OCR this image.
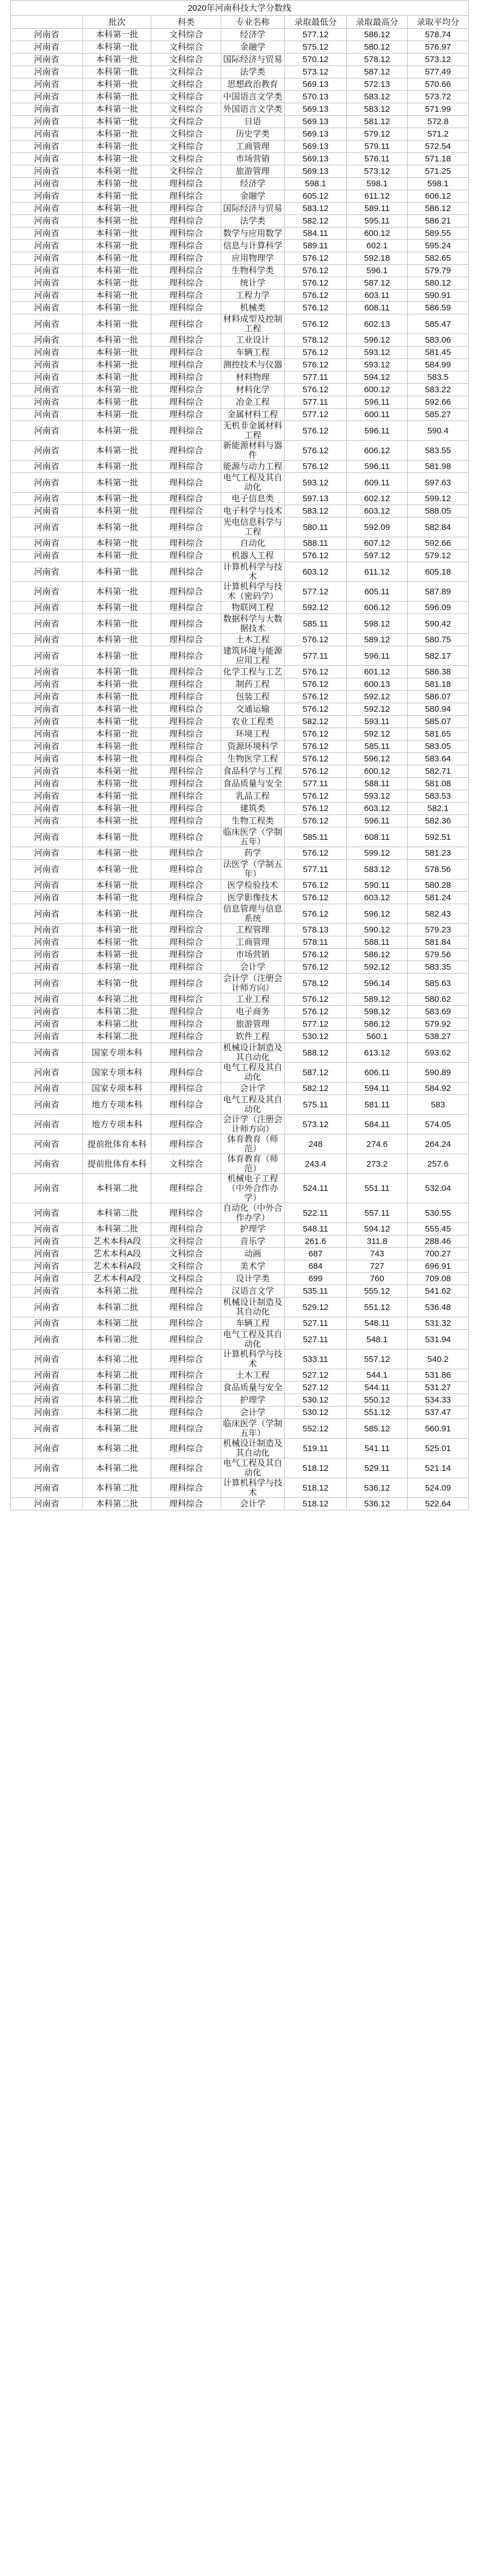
2020年河南科技大学分数线						
	批次	科类	专业名称	录取最低分	录取最高分	录取平均分
河南省	本科第一批	文科综合	经济学	577.12	586.12	578.74
河南省	本科第一批	文科综合	金融学	575.12	580.12	576.97
河南省	本科第一批	文科综合	国际经济与贸易	570.12	578.12	573.12
河南省	本科第一批	文科综合	法学类	573.12	587.12	577.49
河南省	本科第一批	文科综合	思想政治教育	569.13	572.13	570.66
河南省	本科第一批	文科综合	中国语言文学类	570.13	583.12	573.72
河南省	本科第一批	文科综合	外国语言文学类	569.13	583.12	571.99
河南省	本科第一批	文科综合	日语	569.13	581.12	572.8
河南省	本科第一批	文科综合	历史学类	569.13	579.12	571.2
河南省	本科第一批	文科综合	工商管理	569.13	579.11	572.54
河南省	本科第一批	文科综合	市场营销	569.13	576.11	571.18
河南省	本科第一批	文科综合	旅游管理	569.13	573.12	571.25
河南省	本科第一批	理科综合	经济学	598.1	598.1	598.1
河南省	本科第一批	理科综合	金融学	605.12	611.12	606.12
河南省	本科第一批	理科综合	国际经济与贸易	583.12	589.11	586.12
河南省	本科第一批	理科综合	法学类	582.12	595.11	586.21
河南省	本科第一批	理科综合	数学与应用数学	584.11	600.12	589.55
河南省	本科第一批	理科综合	信息与计算科学	589.11	602.1	595.24
河南省	本科第一批	理科综合	应用物理学	576.12	592.18	582.65
河南省	本科第一批	理科综合	生物科学类	576.12	596.1	579.79
河南省	本科第一批	理科综合	统计学	576.12	587.12	580.12
河南省	本科第一批	理科综合	工程力学	576.12	603.11	590.91
河南省	本科第一批	理科综合	机械类	576.12	608.11	586.59
河南省	本科第一批	理科综合	材料成型及控制工程	576.12	602.13	585.47
河南省	本科第一批	理科综合	工业设计	578.12	596.12	583.06
河南省	本科第一批	理科综合	车辆工程	576.12	593.12	581.45
河南省	本科第一批	理科综合	测控技术与仪器	576.12	593.12	584.99
河南省	本科第一批	理科综合	材料物理	577.11	594.12	583.5
河南省	本科第一批	理科综合	材料化学	576.12	600.12	583.22
河南省	本科第一批	理科综合	冶金工程	577.11	596.11	592.66
河南省	本科第一批	理科综合	金属材料工程	577.12	600.11	585.27
河南省	本科第一批	理科综合	无机非金属材料工程	576.12	596.11	590.4
河南省	本科第一批	理科综合	新能源材料与器件	576.12	606.12	583.55
河南省	本科第一批	理科综合	能源与动力工程	576.12	596.11	581.98
河南省	本科第一批	理科综合	电气工程及其自动化	593.12	609.11	597.63
河南省	本科第一批	理科综合	电子信息类	597.13	602.12	599.12
河南省	本科第一批	理科综合	电子科学与技术	583.12	603.12	588.05
河南省	本科第一批	理科综合	光电信息科学与工程	580.11	592.09	582.84
河南省	本科第一批	理科综合	自动化	588.11	607.12	592.66
河南省	本科第一批	理科综合	机器人工程	576.12	597.12	579.12
河南省	本科第一批	理科综合	计算机科学与技术	603.12	611.12	605.18
河南省	本科第一批	理科综合	计算机科学与技术（密码学）	577.12	605.11	587.89
河南省	本科第一批	理科综合	物联网工程	592.12	606.12	596.09
河南省	本科第一批	理科综合	数据科学与大数据技术	585.11	598.12	590.42
河南省	本科第一批	理科综合	土木工程	576.12	589.12	580.75
河南省	本科第一批	理科综合	建筑环境与能源应用工程	577.11	596.11	582.17
河南省	本科第一批	理科综合	化学工程与工艺	576.12	601.12	586.38
河南省	本科第一批	理科综合	制药工程	576.12	600.13	581.18
河南省	本科第一批	理科综合	包装工程	576.12	592.12	586.07
河南省	本科第一批	理科综合	交通运输	576.12	592.12	580.94
河南省	本科第一批	理科综合	农业工程类	582.12	593.11	585.07
河南省	本科第一批	理科综合	环境工程	576.12	592.12	581.65
河南省	本科第一批	理科综合	资源环境科学	576.12	585.11	583.05
河南省	本科第一批	理科综合	生物医学工程	576.12	596.12	583.64
河南省	本科第一批	理科综合	食品科学与工程	576.12	600.12	582.71
河南省	本科第一批	理科综合	食品质量与安全	577.11	588.11	581.08
河南省	本科第一批	理科综合	乳品工程	576.12	593.12	583.53
河南省	本科第一批	理科综合	建筑类	576.12	603.12	582.1
河南省	本科第一批	理科综合	生物工程类	576.12	596.11	582.36
河南省	本科第一批	理科综合	临床医学（学制五年）	585.11	608.11	592.51
河南省	本科第一批	理科综合	药学	576.12	599.12	581.23
河南省	本科第一批	理科综合	法医学（学制五年）	577.11	583.12	578.56
河南省	本科第一批	理科综合	医学检验技术	576.12	590.11	580.28
河南省	本科第一批	理科综合	医学影像技术	576.12	603.12	581.24
河南省	本科第一批	理科综合	信息管理与信息系统	576.12	596.12	582.43
河南省	本科第一批	理科综合	工程管理	578.13	590.12	579.23
河南省	本科第一批	理科综合	工商管理	578.11	588.11	581.84
河南省	本科第一批	理科综合	市场营销	576.12	586.12	579.56
河南省	本科第一批	理科综合	会计学	576.12	592.12	583.35
河南省	本科第一批	理科综合	会计学（注册会计师方向）	578.12	596.14	585.63
河南省	本科第二批	理科综合	工业工程	576.12	589.12	580.62
河南省	本科第二批	理科综合	电子商务	576.12	598.12	583.69
河南省	本科第二批	理科综合	旅游管理	577.12	586.12	579.92
河南省	本科第二批	理科综合	软件工程	530.12	560.1	538.27
河南省	国家专项本科	理科综合	机械设计制造及其自动化	588.12	613.12	593.62
河南省	国家专项本科	理科综合	电气工程及其自动化	587.12	606.11	590.89
河南省	国家专项本科	理科综合	会计学	582.12	594.11	584.92
河南省	地方专项本科	理科综合	电气工程及其自动化	575.11	581.11	583
河南省	地方专项本科	理科综合	会计学（注册会计师方向）	573.12	584.11	574.05
河南省	提前批体育本科	理科综合	体育教育（师范）	248	274.6	264.24
河南省	提前批体育本科	文科综合	体育教育（师范）	243.4	273.2	257.6
河南省	本科第二批	理科综合	机械电子工程（中外合作办学）	524.11	551.11	532.04
河南省	本科第二批	理科综合	自动化（中外合作办学）	522.11	557.11	530.55
河南省	本科第二批	理科综合	护理学	548.11	594.12	555.45
河南省	艺术本科A段	文科综合	音乐学	261.6	311.8	288.46
河南省	艺术本科A段	文科综合	动画	687	743	700.27
河南省	艺术本科A段	文科综合	美术学	684	727	696.91
河南省	艺术本科A段	文科综合	设计学类	699	760	709.08
河南省	本科第二批	理科综合	汉语言文学	535.11	555.12	541.62
河南省	本科第二批	理科综合	机械设计制造及其自动化	529.12	551.12	536.48
河南省	本科第二批	理科综合	车辆工程	527.11	548.11	531.32
河南省	本科第二批	理科综合	电气工程及其自动化	527.11	548.1	531.94
河南省	本科第二批	理科综合	计算机科学与技术	533.11	557.12	540.2
河南省	本科第二批	理科综合	土木工程	527.12	544.1	531.86
河南省	本科第二批	理科综合	食品质量与安全	527.12	544.11	531.27
河南省	本科第二批	理科综合	护理学	530.12	550.12	534.33
河南省	本科第二批	理科综合	会计学	530.12	551.12	537.47
河南省	本科第二批	理科综合	临床医学（学制五年）	552.12	585.12	560.91
河南省	本科第二批	理科综合	机械设计制造及其自动化	519.11	541.11	525.01
河南省	本科第二批	理科综合	电气工程及其自动化	518.12	529.11	521.14
河南省	本科第二批	理科综合	计算机科学与技术	518.12	536.12	524.09
河南省	本科第二批	理科综合	会计学	518.12	536.12	522.64
